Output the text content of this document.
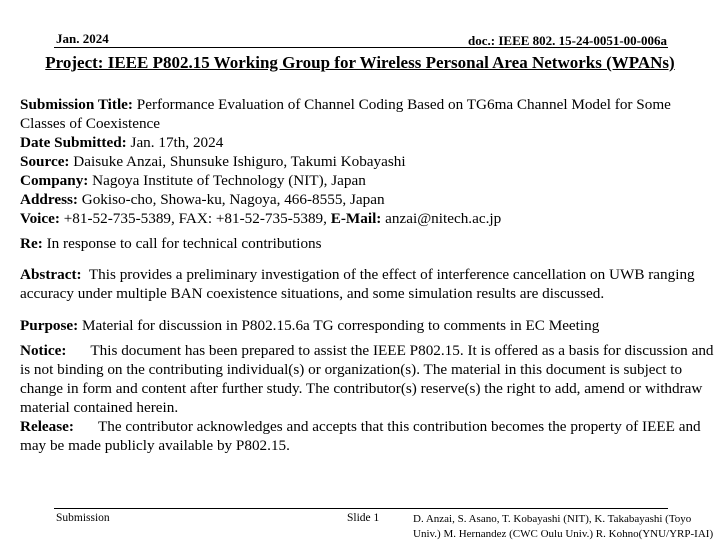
Jan. 2024	doc.: IEEE 802. 15-24-0051-00-006a
Project: IEEE P802.15 Working Group for Wireless Personal Area Networks (WPANs)

Submission Title: Performance Evaluation of Channel Coding Based on TG6ma Channel Model for Some Classes of Coexistence

Date Submitted: Jan. 17th, 2024

Source: Daisuke Anzai, Shunsuke Ishiguro, Takumi Kobayashi

Company: Nagoya Institute of Technology (NIT), Japan

Address: Gokiso-cho, Showa-ku, Nagoya, 466-8555, Japan

Voice: +81-52-735-5389, FAX: +81-52-735-5389, E-Mail: anzai@nitech.ac.jp

Re: In response to call for technical contributions

Abstract: This provides a preliminary investigation of the effect of interference cancellation on UWB ranging accuracy under multiple BAN coexistence situations, and some simulation results are discussed.

Purpose: Material for discussion in P802.15.6a TG corresponding to comments in EC Meeting

Notice: This document has been prepared to assist the IEEE P802.15. It is offered as a basis for discussion and is not binding on the contributing individual(s) or organization(s). The material in this document is subject to change in form and content after further study. The contributor(s) reserve(s) the right to add, amend or withdraw material contained herein.

Release: The contributor acknowledges and accepts that this contribution becomes the property of IEEE and may be made publicly available by P802.15.

Submission	Slide 1	D. Anzai, S. Asano, T. Kobayashi (NIT), K. Takabayashi (Toyo Univ.) M. Hernandez (CWC Oulu Univ.) R. Kohno(YNU/YRP-IAI)
